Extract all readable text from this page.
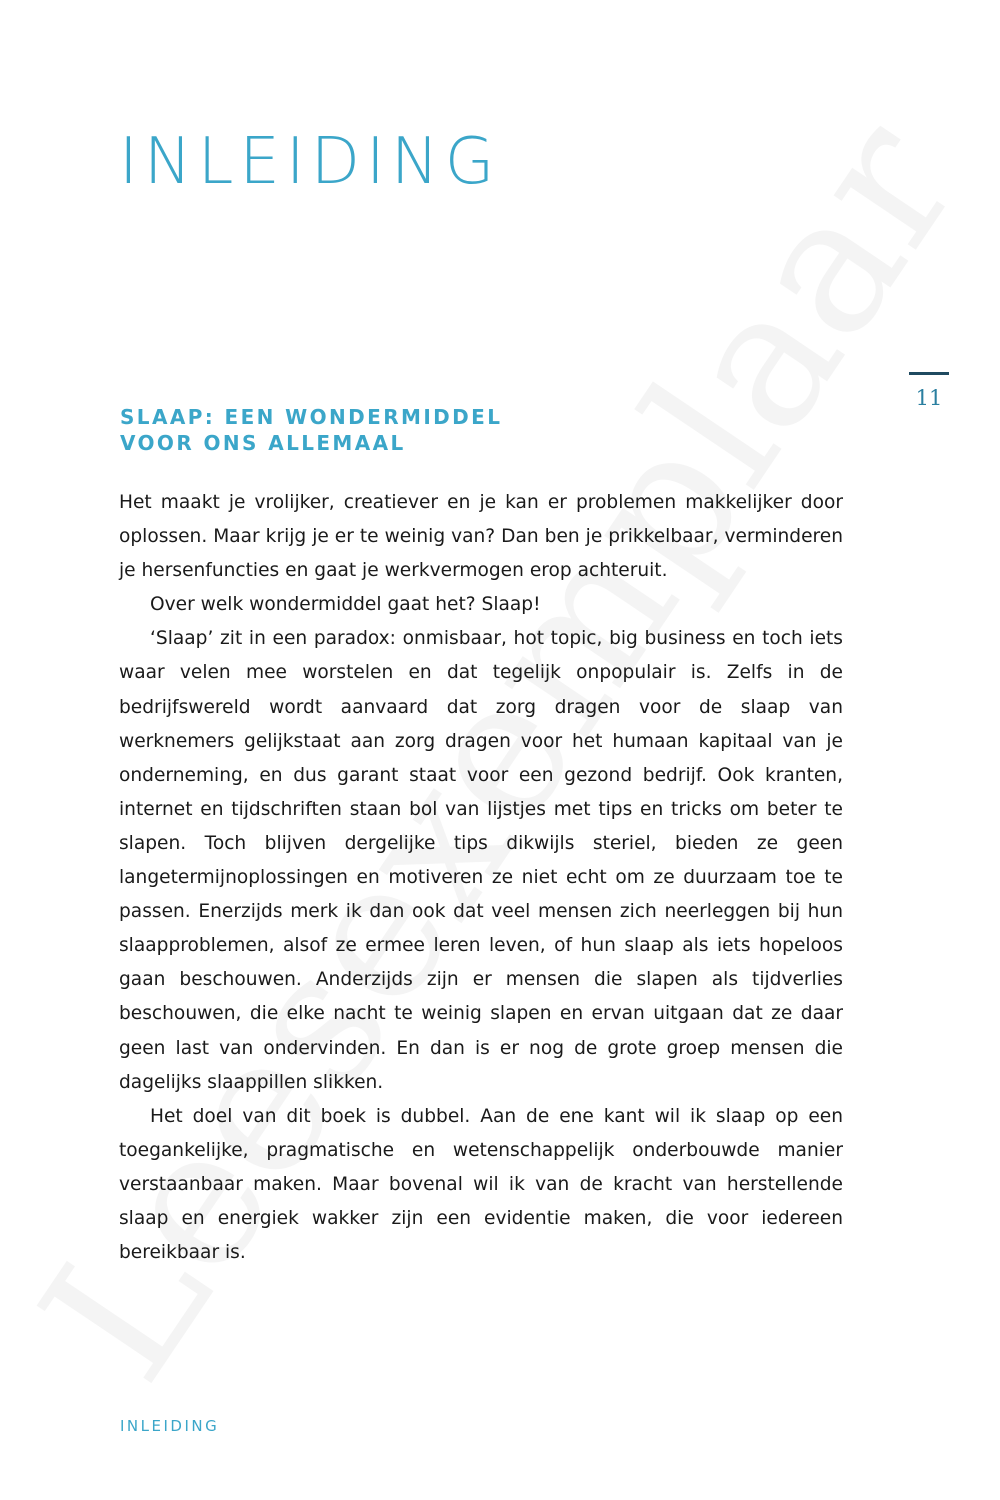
INLEIDING
11
SLAAP: EEN WONDERMIDDEL
VOOR ONS ALLEMAAL

Het maakt je vrolijker, creatiever en je kan er problemen makkelijker door oplossen. Maar krijg je er te weinig van? Dan ben je prikkelbaar, verminderen je hersenfuncties en gaat je werkvermogen erop achteruit.

Over welk wondermiddel gaat het? Slaap!

‘Slaap’ zit in een paradox: onmisbaar, hot topic, big business en toch iets waar velen mee worstelen en dat tegelijk onpopulair is. Zelfs in de bedrijfswereld wordt aanvaard dat zorg dragen voor de slaap van werknemers gelijkstaat aan zorg dragen voor het humaan kapitaal van je onderneming, en dus garant staat voor een gezond bedrijf. Ook kranten, internet en tijdschriften staan bol van lijstjes met tips en tricks om beter te slapen. Toch blijven dergelijke tips dikwijls steriel, bieden ze geen langetermijnoplossingen en motiveren ze niet echt om ze duurzaam toe te passen. Enerzijds merk ik dan ook dat veel mensen zich neerleggen bij hun slaapproblemen, alsof ze ermee leren leven, of hun slaap als iets hopeloos gaan beschouwen. Anderzijds zijn er mensen die slapen als tijdverlies beschouwen, die elke nacht te weinig slapen en ervan uitgaan dat ze daar geen last van ondervinden. En dan is er nog de grote groep mensen die dagelijks slaappillen slikken.

Het doel van dit boek is dubbel. Aan de ene kant wil ik slaap op een toegankelijke, pragmatische en wetenschappelijk onderbouwde manier verstaanbaar maken. Maar bovenal wil ik van de kracht van herstellende slaap en energiek wakker zijn een evidentie maken, die voor iedereen bereikbaar is.

INLEIDING
